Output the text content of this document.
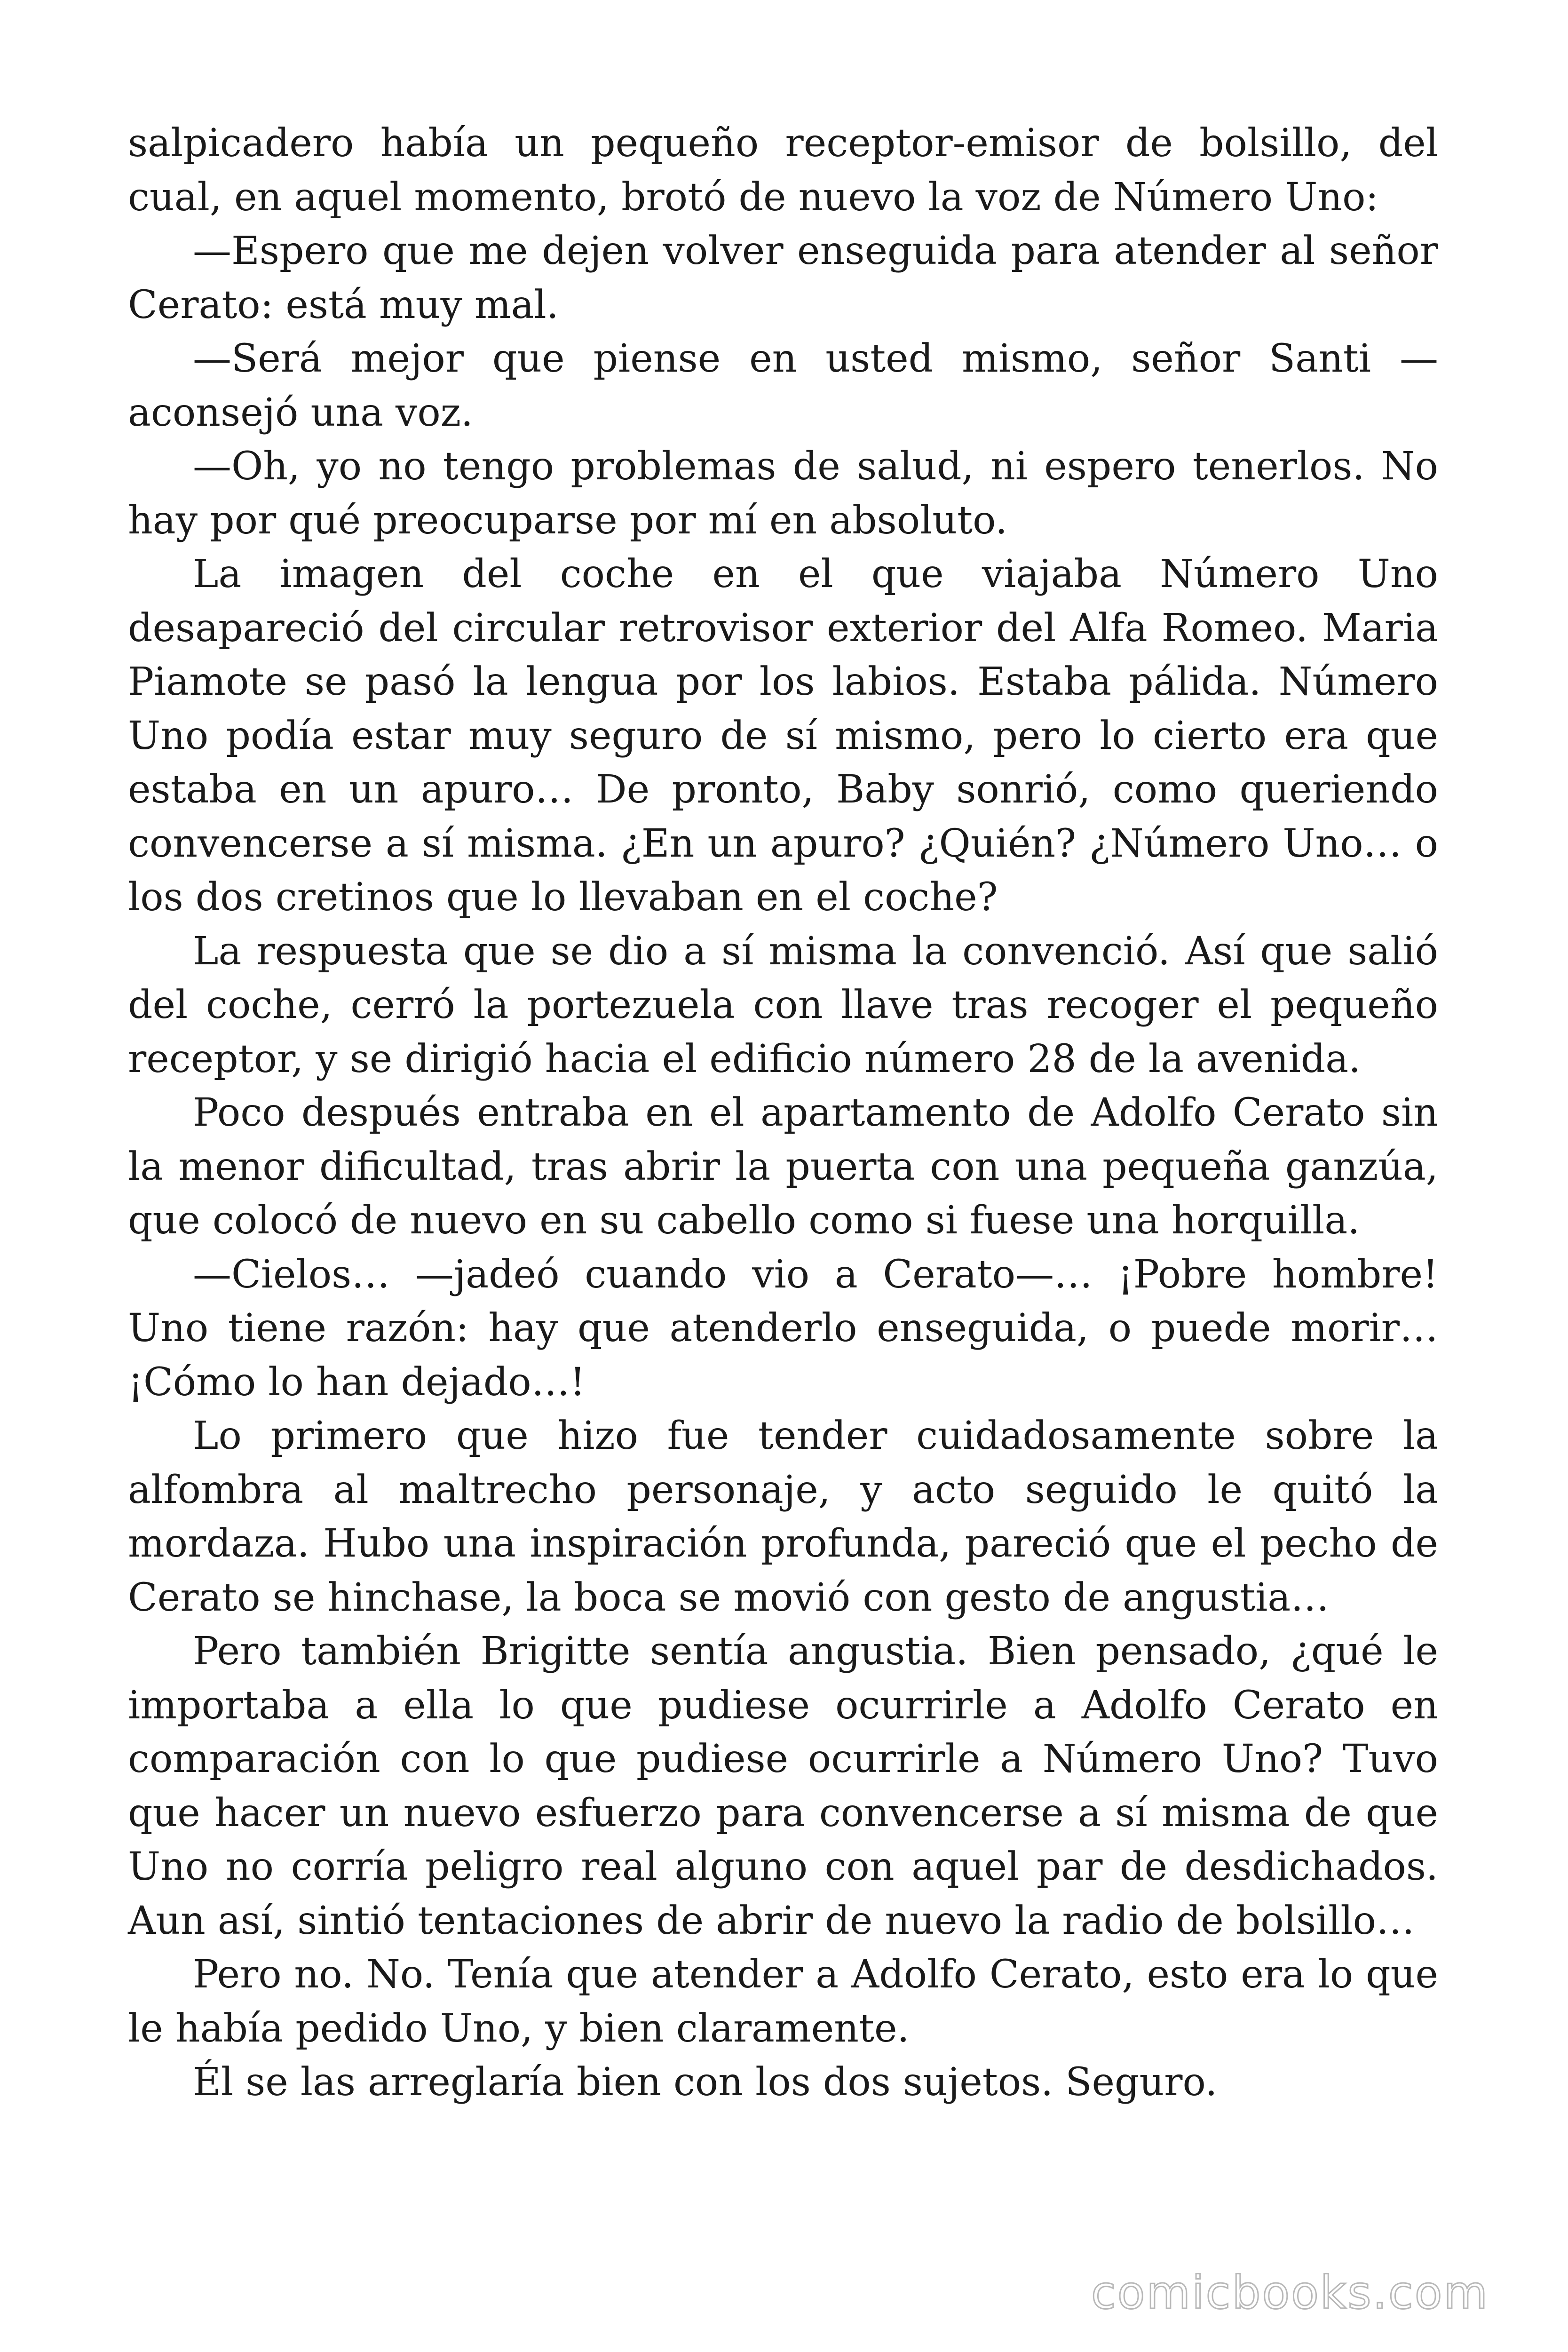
salpicadero había un pequeño receptor-emisor de bolsillo, del cual, en aquel momento, brotó de nuevo la voz de Número Uno:

—Espero que me dejen volver enseguida para atender al señor Cerato: está muy mal.

—Será mejor que piense en usted mismo, señor Santi —aconsejó una voz.

—Oh, yo no tengo problemas de salud, ni espero tenerlos. No hay por qué preocuparse por mí en absoluto.

La imagen del coche en el que viajaba Número Uno desapareció del circular retrovisor exterior del Alfa Romeo. Maria Piamote se pasó la lengua por los labios. Estaba pálida. Número Uno podía estar muy seguro de sí mismo, pero lo cierto era que estaba en un apuro… De pronto, Baby sonrió, como queriendo convencerse a sí misma. ¿En un apuro? ¿Quién? ¿Número Uno… o los dos cretinos que lo llevaban en el coche?

La respuesta que se dio a sí misma la convenció. Así que salió del coche, cerró la portezuela con llave tras recoger el pequeño receptor, y se dirigió hacia el edificio número 28 de la avenida.

Poco después entraba en el apartamento de Adolfo Cerato sin la menor dificultad, tras abrir la puerta con una pequeña ganzúa, que colocó de nuevo en su cabello como si fuese una horquilla.

—Cielos… —jadeó cuando vio a Cerato—… ¡Pobre hombre! Uno tiene razón: hay que atenderlo enseguida, o puede morir… ¡Cómo lo han dejado…!

Lo primero que hizo fue tender cuidadosamente sobre la alfombra al maltrecho personaje, y acto seguido le quitó la mordaza. Hubo una inspiración profunda, pareció que el pecho de Cerato se hinchase, la boca se movió con gesto de angustia…

Pero también Brigitte sentía angustia. Bien pensado, ¿qué le importaba a ella lo que pudiese ocurrirle a Adolfo Cerato en comparación con lo que pudiese ocurrirle a Número Uno? Tuvo que hacer un nuevo esfuerzo para convencerse a sí misma de que Uno no corría peligro real alguno con aquel par de desdichados. Aun así, sintió tentaciones de abrir de nuevo la radio de bolsillo…

Pero no. No. Tenía que atender a Adolfo Cerato, esto era lo que le había pedido Uno, y bien claramente.

Él se las arreglaría bien con los dos sujetos. Seguro.

comicbooks.com
